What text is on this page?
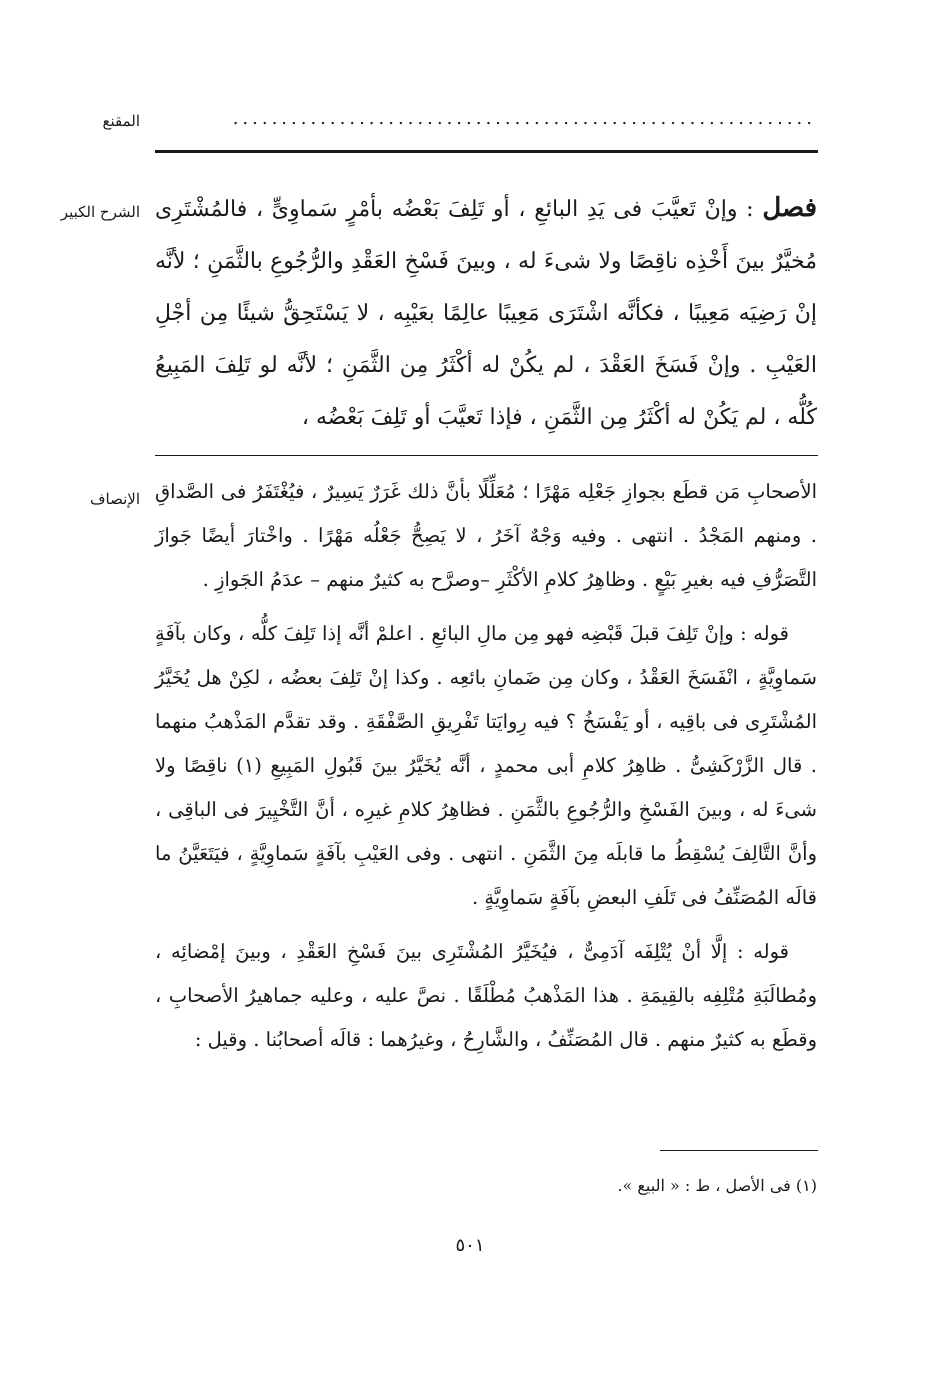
............................................................
المقنع
الشرح الكبير	فصل : وإنْ تَعيَّبَ فى يَدِ البائعِ ، أو تَلِفَ بَعْضُه بأمْرٍ سَماوِىٍّ ، فالمُشْتَرِى مُخيَّرٌ بينَ أَخْذِه ناقِصًا ولا شىءَ له ، وبينَ فَسْخِ العَقْدِ والرُّجُوعِ بالثَّمَنِ ؛ لأنَّه إنْ رَضِيَه مَعِيبًا ، فكأنَّه اشْتَرَى مَعِيبًا عالِمًا بعَيْبِه ، لا يَسْتَحِقُّ شيئًا مِن أجْلِ العَيْبِ . وإنْ فَسَخَ العَقْدَ ، لم يكُنْ له أكْثَرُ مِن الثَّمَنِ ؛ لأنَّه لو تَلِفَ المَبِيعُ كُلُّه ، لم يَكُنْ له أكْثَرُ مِن الثَّمَنِ ، فإذا تَعيَّبَ أو تَلِفَ بَعْضُه ،

الإنصاف الأصحابِ مَن قطَع بجوازِ جَعْلِه مَهْرًا ؛ مُعَلِّلًا بأنَّ ذلك غَرَرٌ يَسِيرٌ ، فيُغْتَفَرُ فى الصَّداقِ . ومنهم المَجْدُ . انتهى . وفيه وَجْهٌ آخَرُ ، لا يَصِحُّ جَعْلُه مَهْرًا . واخْتارَ أيضًا جَوازَ التَّصَرُّفِ فيه بغيرِ بَيْعٍ . وظاهِرُ كلامِ الأكْثَرِ –وصرَّح به كثيرٌ منهم – عدَمُ الجَوازِ .

قوله : وإنْ تَلِفَ قبلَ قَبْضِه فهو مِن مالِ البائعِ . اعلمْ أنَّه إذا تَلِفَ كلُّه ، وكان بآفَةٍ سَماوِيَّةٍ ، انْفَسَخَ العَقْدُ ، وكان مِن ضَمانِ بائعِه . وكذا إنْ تَلِفَ بعضُه ، لكِنْ هل يُخَيَّرُ المُشْتَرِى فى باقِيه ، أو يَفْسَخُ ؟ فيه رِوايَتا تَفْرِيقِ الصَّفْقَةِ . وقد تقدَّم المَذْهبُ منهما . قال الزَّرْكَشِىُّ . ظاهِرُ كلامِ أبى محمدٍ ، أنَّه يُخَيَّرُ بينَ قَبُولِ المَبِيعِ (١) ناقِصًا ولا شىءَ له ، وبينَ الفَسْخِ والرُّجُوعِ بالثَّمَنِ . فظاهِرُ كلامِ غيرِه ، أنَّ التَّخْيِيرَ فى الباقِى ، وأنَّ التَّالِفَ يُسْقِطُ ما قابلَه مِنَ الثَّمَنِ . انتهى . وفى العَيْبِ بآفَةٍ سَماوِيَّةٍ ، فيَتَعَيَّنُ ما قالَه المُصَنِّفُ فى تَلَفِ البعضِ بآفَةٍ سَماوِيَّةٍ .

قوله : إلَّا أنْ يُتْلِفَه آدَمِىٌّ ، فيُخَيَّرُ المُشْتَرِى بينَ فَسْخِ العَقْدِ ، وبينَ إمْضائِه ، ومُطالَبَةِ مُتْلِفِه بالقِيمَةِ . هذا المَذْهبُ مُطْلَقًا . نصَّ عليه ، وعليه جماهيرُ الأصحابِ ، وقطَع به كثيرٌ منهم . قال المُصَنِّفُ ، والشَّارِحُ ، وغيرُهما : قالَه أصحابُنا . وقيل :

(١) فى الأصل ، ط : « البيع ».
٥٠١
